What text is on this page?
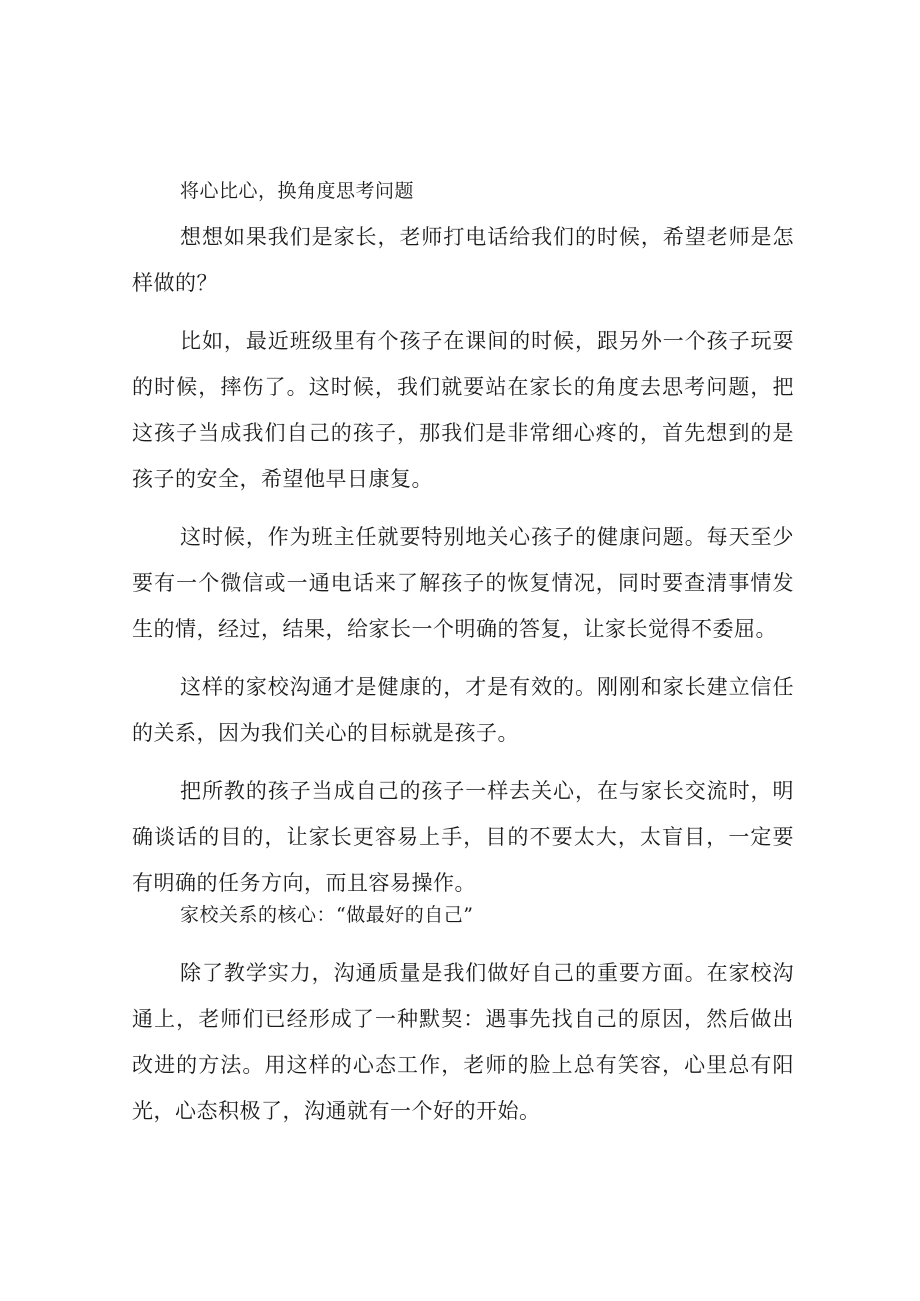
将心比心，换角度思考问题

想想如果我们是家长，老师打电话给我们的时候，希望老师是怎样做的？

比如，最近班级里有个孩子在课间的时候，跟另外一个孩子玩耍的时候，摔伤了。这时候，我们就要站在家长的角度去思考问题，把这孩子当成我们自己的孩子，那我们是非常细心疼的，首先想到的是孩子的安全，希望他早日康复。

这时候，作为班主任就要特别地关心孩子的健康问题。每天至少要有一个微信或一通电话来了解孩子的恢复情况，同时要查清事情发生的情，经过，结果，给家长一个明确的答复，让家长觉得不委屈。

这样的家校沟通才是健康的，才是有效的。刚刚和家长建立信任的关系，因为我们关心的目标就是孩子。

把所教的孩子当成自己的孩子一样去关心，在与家长交流时，明确谈话的目的，让家长更容易上手，目的不要太大，太盲目，一定要有明确的任务方向，而且容易操作。

家校关系的核心：“做最好的自己”

除了教学实力，沟通质量是我们做好自己的重要方面。在家校沟通上，老师们已经形成了一种默契：遇事先找自己的原因，然后做出改进的方法。用这样的心态工作，老师的脸上总有笑容，心里总有阳光，心态积极了，沟通就有一个好的开始。
